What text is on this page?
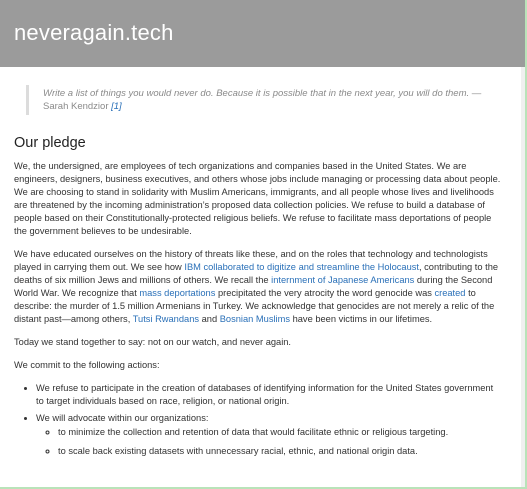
neveragain.tech
Write a list of things you would never do. Because it is possible that in the next year, you will do them. —Sarah Kendzior [1]
Our pledge

We, the undersigned, are employees of tech organizations and companies based in the United States. We are engineers, designers, business executives, and others whose jobs include managing or processing data about people. We are choosing to stand in solidarity with Muslim Americans, immigrants, and all people whose lives and livelihoods are threatened by the incoming administration’s proposed data collection policies. We refuse to build a database of people based on their Constitutionally-protected religious beliefs. We refuse to facilitate mass deportations of people the government believes to be undesirable.

We have educated ourselves on the history of threats like these, and on the roles that technology and technologists played in carrying them out. We see how IBM collaborated to digitize and streamline the Holocaust, contributing to the deaths of six million Jews and millions of others. We recall the internment of Japanese Americans during the Second World War. We recognize that mass deportations precipitated the very atrocity the word genocide was created to describe: the murder of 1.5 million Armenians in Turkey. We acknowledge that genocides are not merely a relic of the distant past—among others, Tutsi Rwandans and Bosnian Muslims have been victims in our lifetimes.

Today we stand together to say: not on our watch, and never again.

We commit to the following actions:

• We refuse to participate in the creation of databases of identifying information for the United States government to target individuals based on race, religion, or national origin.
• We will advocate within our organizations:
◦ to minimize the collection and retention of data that would facilitate ethnic or religious targeting.
◦ to scale back existing datasets with unnecessary racial, ethnic, and national origin data.
